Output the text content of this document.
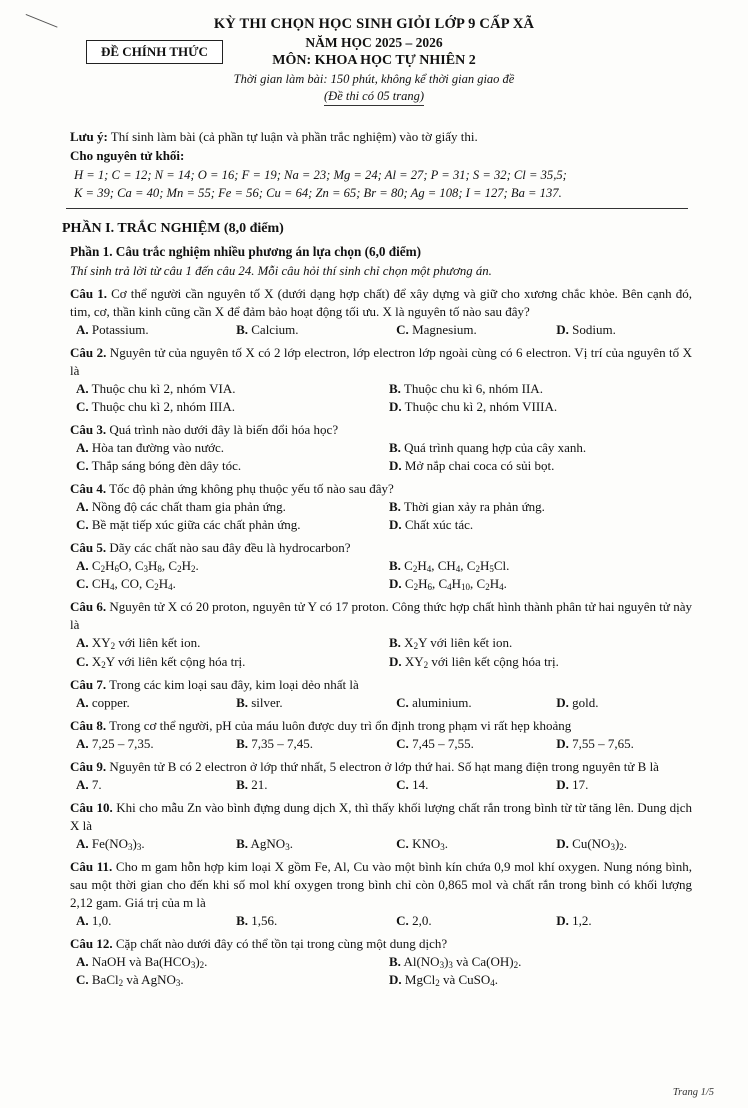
ĐỀ CHÍNH THỨC
KỲ THI CHỌN HỌC SINH GIỎI LỚP 9 CẤP XÃ
NĂM HỌC 2025 – 2026
MÔN: KHOA HỌC TỰ NHIÊN 2
Thời gian làm bài: 150 phút, không kể thời gian giao đề
(Đề thi có 05 trang)
Lưu ý: Thí sinh làm bài (cả phần tự luận và phần trắc nghiệm) vào tờ giấy thi.
Cho nguyên tử khối:
H = 1; C = 12; N = 14; O = 16; F = 19; Na = 23; Mg = 24; Al = 27; P = 31; S = 32; Cl = 35,5;
K = 39; Ca = 40; Mn = 55; Fe = 56; Cu = 64; Zn = 65; Br = 80; Ag = 108; I = 127; Ba = 137.
PHẦN I. TRẮC NGHIỆM (8,0 điểm)
Phần 1. Câu trắc nghiệm nhiều phương án lựa chọn (6,0 điểm)
Thí sinh trả lời từ câu 1 đến câu 24. Mỗi câu hỏi thí sinh chỉ chọn một phương án.
Câu 1. Cơ thể người cần nguyên tố X (dưới dạng hợp chất) để xây dựng và giữ cho xương chắc khỏe. Bên cạnh đó, tim, cơ, thần kinh cũng cần X để đảm bảo hoạt động tối ưu. X là nguyên tố nào sau đây?
A. Potassium.	B. Calcium.	C. Magnesium.	D. Sodium.
Câu 2. Nguyên tử của nguyên tố X có 2 lớp electron, lớp electron lớp ngoài cùng có 6 electron. Vị trí của nguyên tố X là
A. Thuộc chu kì 2, nhóm VIA.	B. Thuộc chu kì 6, nhóm IIA.
C. Thuộc chu kì 2, nhóm IIIA.	D. Thuộc chu kì 2, nhóm VIIIA.
Câu 3. Quá trình nào dưới đây là biến đổi hóa học?
A. Hòa tan đường vào nước.	B. Quá trình quang hợp của cây xanh.
C. Thắp sáng bóng đèn dây tóc.	D. Mở nắp chai coca có sủi bọt.
Câu 4. Tốc độ phản ứng không phụ thuộc yếu tố nào sau đây?
A. Nồng độ các chất tham gia phản ứng.	B. Thời gian xảy ra phản ứng.
C. Bề mặt tiếp xúc giữa các chất phản ứng.	D. Chất xúc tác.
Câu 5. Dãy các chất nào sau đây đều là hydrocarbon?
A. $C_2H_6O$, $C_3H_8$, $C_2H_2$.	B. $C_2H_4$, $CH_4$, $C_2H_5Cl$.
C. $CH_4$, CO, $C_2H_4$.	D. $C_2H_6$, $C_4H_{10}$, $C_2H_4$.
Câu 6. Nguyên tử X có 20 proton, nguyên tử Y có 17 proton. Công thức hợp chất hình thành phân tử hai nguyên tử này là
A. $XY_2$ với liên kết ion.	B. $X_2Y$ với liên kết ion.
C. $X_2Y$ với liên kết cộng hóa trị.	D. $XY_2$ với liên kết cộng hóa trị.
Câu 7. Trong các kim loại sau đây, kim loại dẻo nhất là
A. copper.	B. silver.	C. aluminium.	D. gold.
Câu 8. Trong cơ thể người, pH của máu luôn được duy trì ổn định trong phạm vi rất hẹp khoảng
A. 7,25 – 7,35.	B. 7,35 – 7,45.	C. 7,45 – 7,55.	D. 7,55 – 7,65.
Câu 9. Nguyên tử B có 2 electron ở lớp thứ nhất, 5 electron ở lớp thứ hai. Số hạt mang điện trong nguyên tử B là
A. 7.	B. 21.	C. 14.	D. 17.
Câu 10. Khi cho mẫu Zn vào bình đựng dung dịch X, thì thấy khối lượng chất rắn trong bình từ từ tăng lên. Dung dịch X là
A. $Fe(NO_3)_3$.	B. AgNO$_3$.	C. $KNO_3$.	D. $Cu(NO_3)_2$.
Câu 11. Cho m gam hỗn hợp kim loại X gồm Fe, Al, Cu vào một bình kín chứa 0,9 mol khí oxygen. Nung nóng bình, sau một thời gian cho đến khi số mol khí oxygen trong bình chỉ còn 0,865 mol và chất rắn trong bình có khối lượng 2,12 gam. Giá trị của m là
A. 1,0.	B. 1,56.	C. 2,0.	D. 1,2.
Câu 12. Cặp chất nào dưới đây có thể tồn tại trong cùng một dung dịch?
A. NaOH và $Ba(HCO_3)_2$.	B. $Al(NO_3)_3$ và $Ca(OH)_2$.
C. BaCl$_2$ và AgNO$_3$.	D. MgCl$_2$ và CuSO$_4$.
Trang 1/5
